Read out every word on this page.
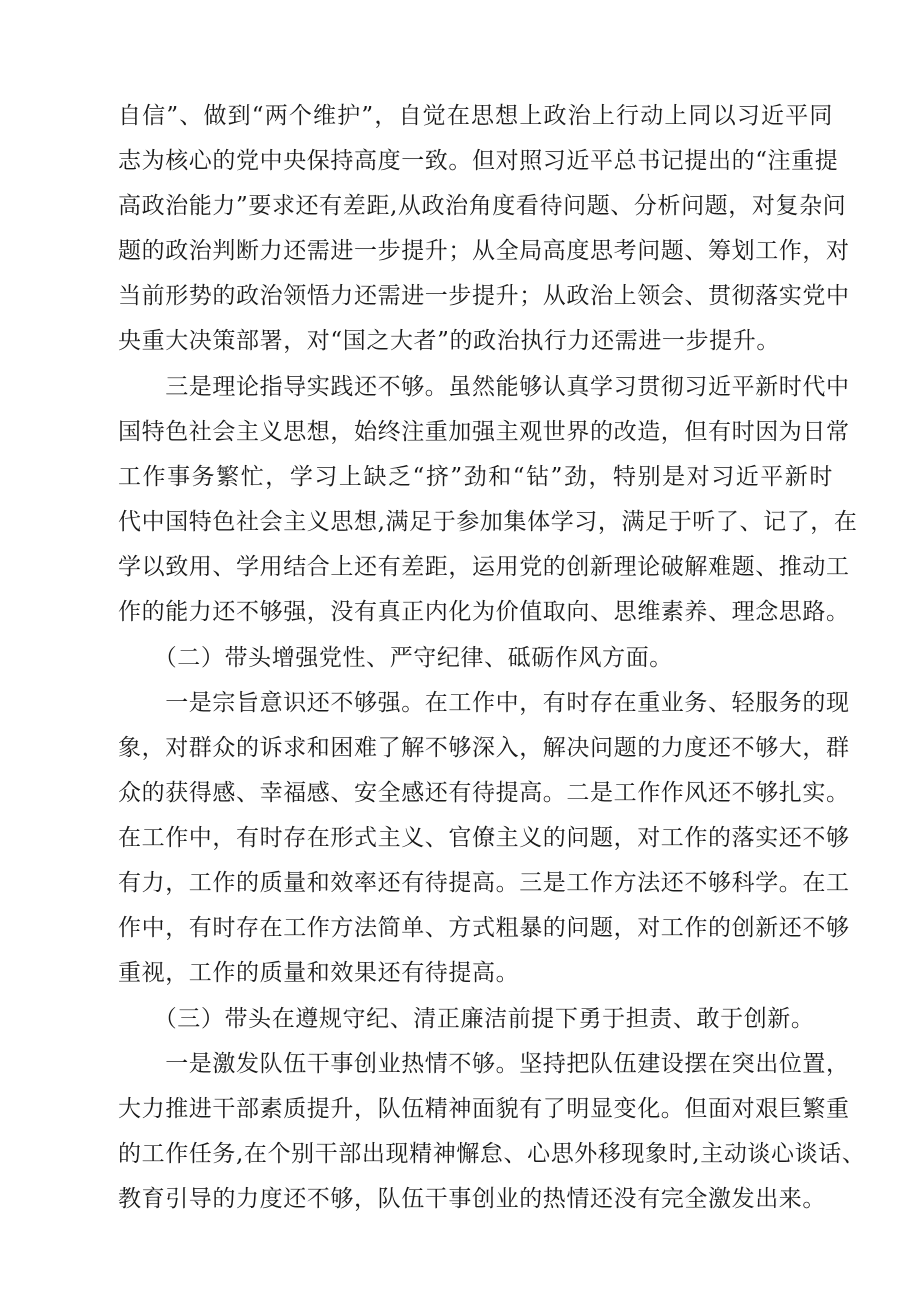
自信”、做到“两个维护”，自觉在思想上政治上行动上同以习近平同
志为核心的党中央保持高度一致。但对照习近平总书记提出的“注重提
高政治能力”要求还有差距,从政治角度看待问题、分析问题，对复杂问
题的政治判断力还需进一步提升；从全局高度思考问题、筹划工作，对
当前形势的政治领悟力还需进一步提升；从政治上领会、贯彻落实党中
央重大决策部署，对“国之大者”的政治执行力还需进一步提升。
　　三是理论指导实践还不够。虽然能够认真学习贯彻习近平新时代中
国特色社会主义思想，始终注重加强主观世界的改造，但有时因为日常
工作事务繁忙，学习上缺乏“挤”劲和“钻”劲，特别是对习近平新时
代中国特色社会主义思想,满足于参加集体学习，满足于听了、记了，在
学以致用、学用结合上还有差距，运用党的创新理论破解难题、推动工
作的能力还不够强，没有真正内化为价值取向、思维素养、理念思路。
　　（二）带头增强党性、严守纪律、砥砺作风方面。
　　一是宗旨意识还不够强。在工作中，有时存在重业务、轻服务的现
象，对群众的诉求和困难了解不够深入，解决问题的力度还不够大，群
众的获得感、幸福感、安全感还有待提高。二是工作作风还不够扎实。
在工作中，有时存在形式主义、官僚主义的问题，对工作的落实还不够
有力，工作的质量和效率还有待提高。三是工作方法还不够科学。在工
作中，有时存在工作方法简单、方式粗暴的问题，对工作的创新还不够
重视，工作的质量和效果还有待提高。
　　（三）带头在遵规守纪、清正廉洁前提下勇于担责、敢于创新。
　　一是激发队伍干事创业热情不够。坚持把队伍建设摆在突出位置，
大力推进干部素质提升，队伍精神面貌有了明显变化。但面对艰巨繁重
的工作任务,在个别干部出现精神懈怠、心思外移现象时,主动谈心谈话、
教育引导的力度还不够，队伍干事创业的热情还没有完全激发出来。
